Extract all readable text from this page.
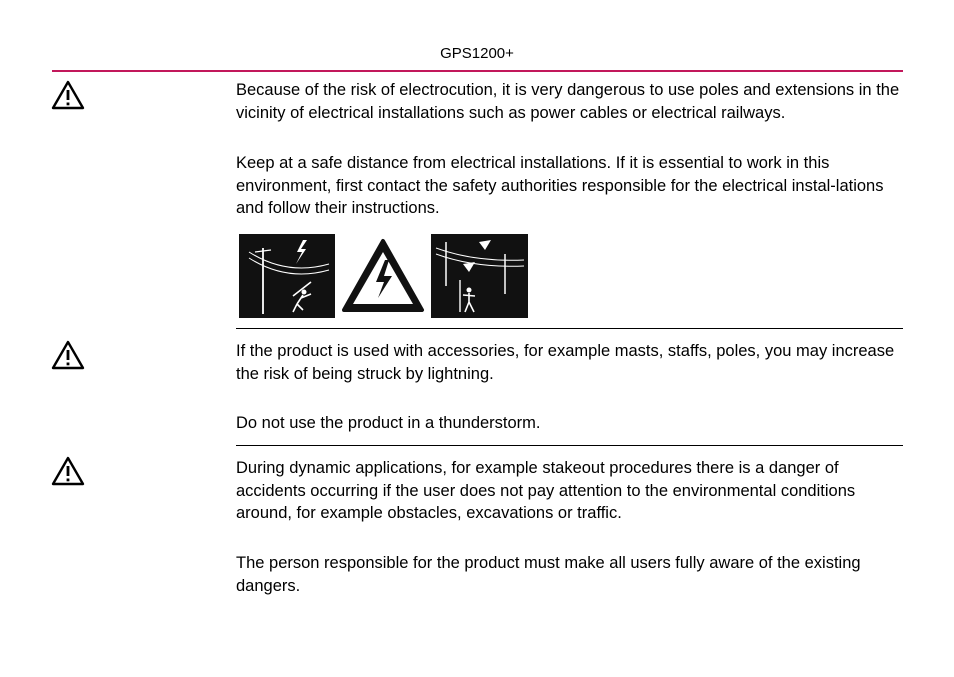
GPS1200+
Because of the risk of electrocution, it is very dangerous to use poles and extensions in the vicinity of electrical installations such as power cables or electrical railways.
Keep at a safe distance from electrical installations. If it is essential to work in this environment, first contact the safety authorities responsible for the electrical instal-lations and follow their instructions.
If the product is used with accessories, for example masts, staffs, poles, you may increase the risk of being struck by lightning.
Do not use the product in a thunderstorm.
During dynamic applications, for example stakeout procedures there is a danger of accidents occurring if the user does not pay attention to the environmental conditions around, for example obstacles, excavations or traffic.
The person responsible for the product must make all users fully aware of the existing dangers.
